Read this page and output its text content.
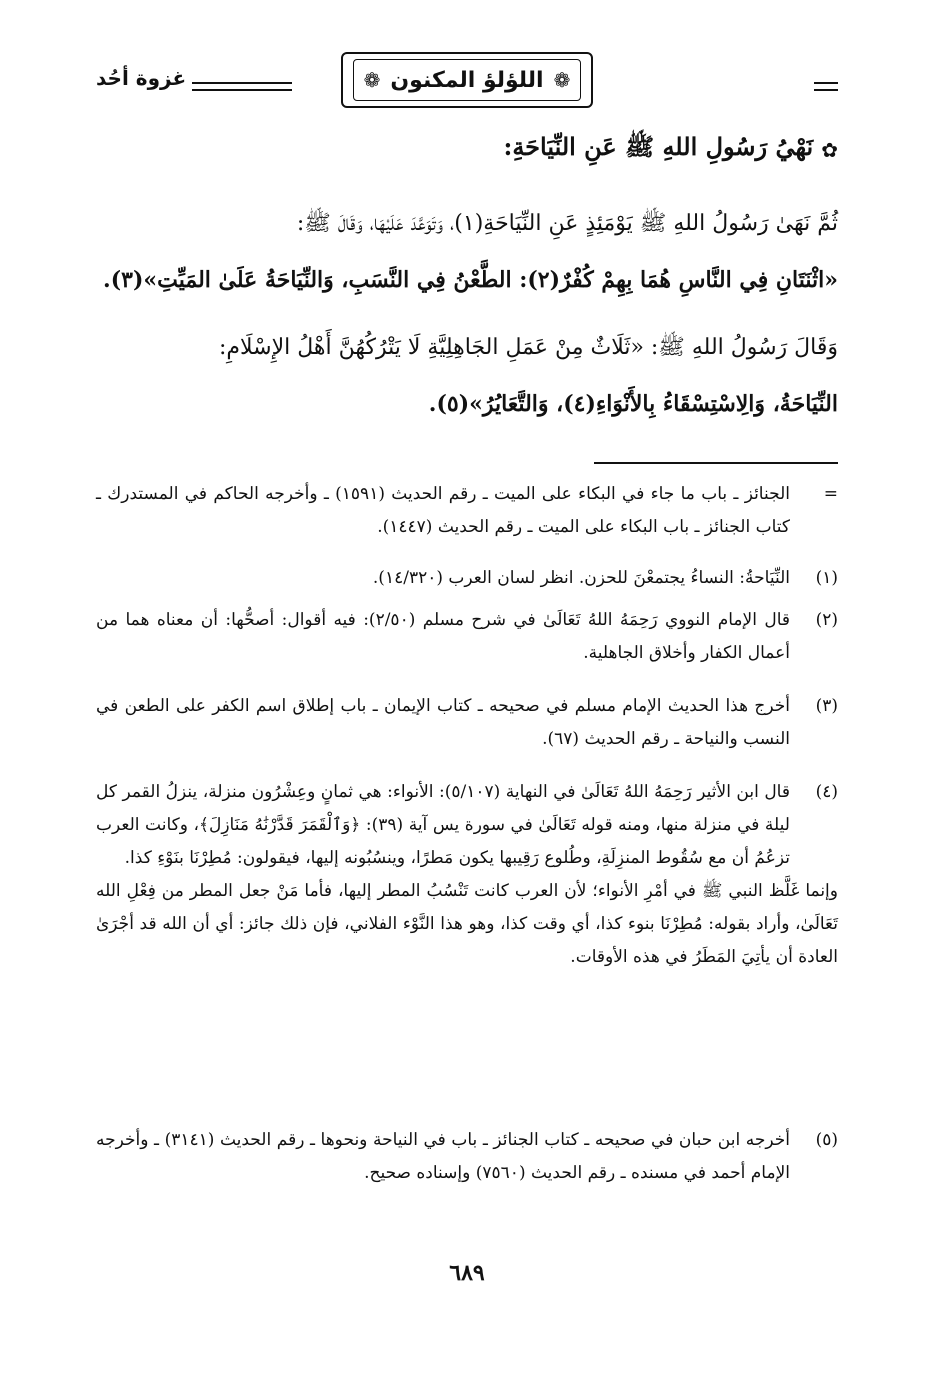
❁
اللؤلؤ المكنون
❁
غزوة أحُد
✿
نَهْيُ رَسُولِ اللهِ ﷺ عَنِ النِّيَاحَةِ:

ثُمَّ نَهَىٰ رَسُولُ اللهِ ﷺ يَوْمَئِذٍ عَنِ النِّيَاحَةِ(١)، وَتَوَعَّدَ عَلَيْهَا، وَقَالَ ﷺ:

«اثْنَتَانِ فِي النَّاسِ هُمَا بِهِمْ كُفْرٌ(٢): الطَّعْنُ فِي النَّسَبِ، وَالنِّيَاحَةُ عَلَىٰ المَيِّتِ»(٣).

وَقَالَ رَسُولُ اللهِ ﷺ: «ثَلَاثٌ مِنْ عَمَلِ الجَاهِلِيَّةِ لَا يَتْرُكُهُنَّ أَهْلُ الإِسْلَامِ:

النِّيَاحَةُ، وَالِاسْتِسْقَاءُ بِالأَنْوَاءِ(٤)، وَالتَّعَايُرُ»(٥).

=

الجنائز ـ باب ما جاء في البكاء على الميت ـ رقم الحديث (١٥٩١) ـ وأخرجه الحاكم في المستدرك ـ كتاب الجنائز ـ باب البكاء على الميت ـ رقم الحديث (١٤٤٧).

(١)

النِّيَاحةُ: النساءُ يجتمعْنَ للحزن. انظر لسان العرب (١٤/٣٢٠).

(٢)

قال الإمام النووي رَحِمَهُ اللهُ تَعَالَىٰ في شرح مسلم (٢/٥٠): فيه أقوال: أصحُّها: أن معناه هما من أعمال الكفار وأخلاق الجاهلية.

(٣)

أخرج هذا الحديث الإمام مسلم في صحيحه ـ كتاب الإيمان ـ باب إطلاق اسم الكفر على الطعن في النسب والنياحة ـ رقم الحديث (٦٧).

(٤)

قال ابن الأثير رَحِمَهُ اللهُ تَعَالَىٰ في النهاية (٥/١٠٧): الأنواء: هي ثمانٍ وعِشْرُون منزلة، ينزلُ القمر كل ليلة في منزلة منها، ومنه قوله تَعَالَىٰ في سورة يس آية (٣٩): ﴿وَٱلْقَمَرَ قَدَّرْنَٰهُ مَنَازِلَ﴾، وكانت العرب تزعُمُ أن مع سُقُوط المنزِلَةِ، وطُلوع رَقِيبها يكون مَطرًا، وينسُبُونه إليها، فيقولون: مُطِرْنَا بنَوْءِ كذا.

وإنما غَلَّظ النبي ﷺ في أمْرِ الأنواء؛ لأن العرب كانت تَنْسُبُ المطر إليها، فأما مَنْ جعل المطر من فِعْلِ الله تَعَالَىٰ، وأراد بقوله: مُطِرْنَا بنوء كذا، أي وقت كذا، وهو هذا النَّوْء الفلاني، فإن ذلك جائز: أي أن الله قد أجْرَىٰ العادة أن يأتِيَ المَطَرُ في هذه الأوقات.

(٥)

أخرجه ابن حبان في صحيحه ـ كتاب الجنائز ـ باب في النياحة ونحوها ـ رقم الحديث (٣١٤١) ـ وأخرجه الإمام أحمد في مسنده ـ رقم الحديث (٧٥٦٠) وإسناده صحيح.

٦٨٩
